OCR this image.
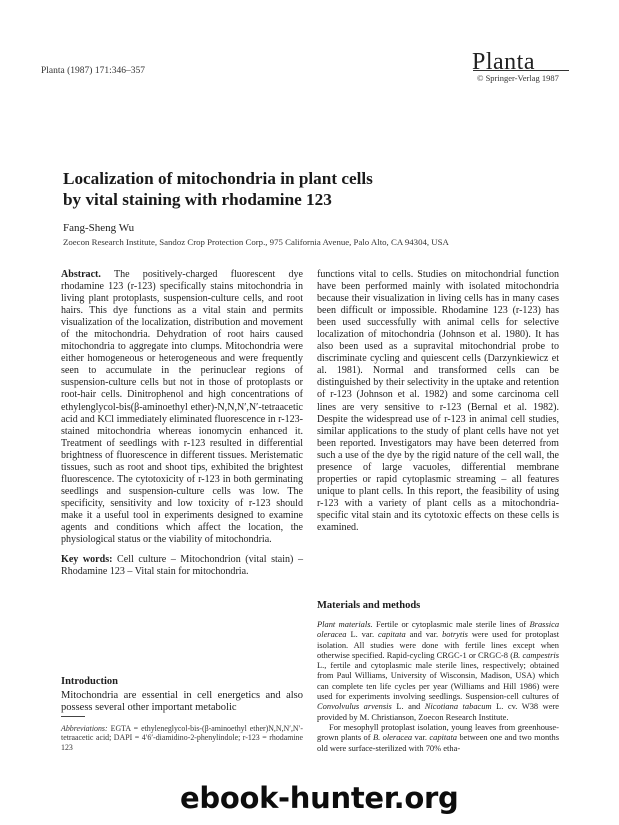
Planta (1987) 171:346–357	Planta
© Springer-Verlag 1987
Localization of mitochondria in plant cells
by vital staining with rhodamine 123
Fang-Sheng Wu
Zoecon Research Institute, Sandoz Crop Protection Corp., 975 California Avenue, Palo Alto, CA 94304, USA

Abstract. The positively-charged fluorescent dye rhodamine 123 (r-123) specifically stains mitochondria in living plant protoplasts, suspension-culture cells, and root hairs. This dye functions as a vital stain and permits visualization of the localization, distribution and movement of the mitochondria. Dehydration of root hairs caused mitochondria to aggregate into clumps. Mitochondria were either homogeneous or heterogeneous and were frequently seen to accumulate in the perinuclear regions of suspension-culture cells but not in those of protoplasts or root-hair cells. Dinitrophenol and high concentrations of ethylenglycol-bis(β-aminoethyl ether)-N,N,N′,N′-tetraacetic acid and KCl immediately eliminated fluorescence in r-123-stained mitochondria whereas ionomycin enhanced it. Treatment of seedlings with r-123 resulted in differential brightness of fluorescence in different tissues. Meristematic tissues, such as root and shoot tips, exhibited the brightest fluorescence. The cytotoxicity of r-123 in both germinating seedlings and suspension-culture cells was low. The specificity, sensitivity and low toxicity of r-123 should make it a useful tool in experiments designed to examine agents and conditions which affect the location, the physiological status or the viability of mitochondria.

Key words: Cell culture – Mitochondrion (vital stain) – Rhodamine 123 – Vital stain for mitochondria.

Introduction
Mitochondria are essential in cell energetics and also possess several other important metabolic
Abbreviations: EGTA = ethyleneglycol-bis-(β-aminoethyl ether)N,N,N′,N′-tetraacetic acid; DAPI = 4′6′-diamidino-2-phenylindole; r-123 = rhodamine 123

functions vital to cells. Studies on mitochondrial function have been performed mainly with isolated mitochondria because their visualization in living cells has in many cases been difficult or impossible. Rhodamine 123 (r-123) has been used successfully with animal cells for selective localization of mitochondria (Johnson et al. 1980). It has also been used as a supravital mitochondrial probe to discriminate cycling and quiescent cells (Darzynkiewicz et al. 1981). Normal and transformed cells can be distinguished by their selectivity in the uptake and retention of r-123 (Johnson et al. 1982) and some carcinoma cell lines are very sensitive to r-123 (Bernal et al. 1982). Despite the widespread use of r-123 in animal cell studies, similar applications to the study of plant cells have not yet been reported. Investigators may have been deterred from such a use of the dye by the rigid nature of the cell wall, the presence of large vacuoles, differential membrane properties or rapid cytoplasmic streaming – all features unique to plant cells. In this report, the feasibility of using r-123 with a variety of plant cells as a mitochondria-specific vital stain and its cytotoxic effects on these cells is examined.

Materials and methods

Plant materials. Fertile or cytoplasmic male sterile lines of Brassica oleracea L. var. capitata and var. botrytis were used for protoplast isolation. All studies were done with fertile lines except when otherwise specified. Rapid-cycling CRGC-1 or CRGC-8 (B. campestris L., fertile and cytoplasmic male sterile lines, respectively; obtained from Paul Williams, University of Wisconsin, Madison, USA) which can complete ten life cycles per year (Williams and Hill 1986) were used for experiments involving seedlings. Suspension-cell cultures of Convolvulus arvensis L. and Nicotiana tabacum L. cv. W38 were provided by M. Christianson, Zoecon Research Institute.

For mesophyll protoplast isolation, young leaves from greenhouse-grown plants of B. oleracea var. capitata between one and two months old were surface-sterilized with 70% etha-

ebook-hunter.org
